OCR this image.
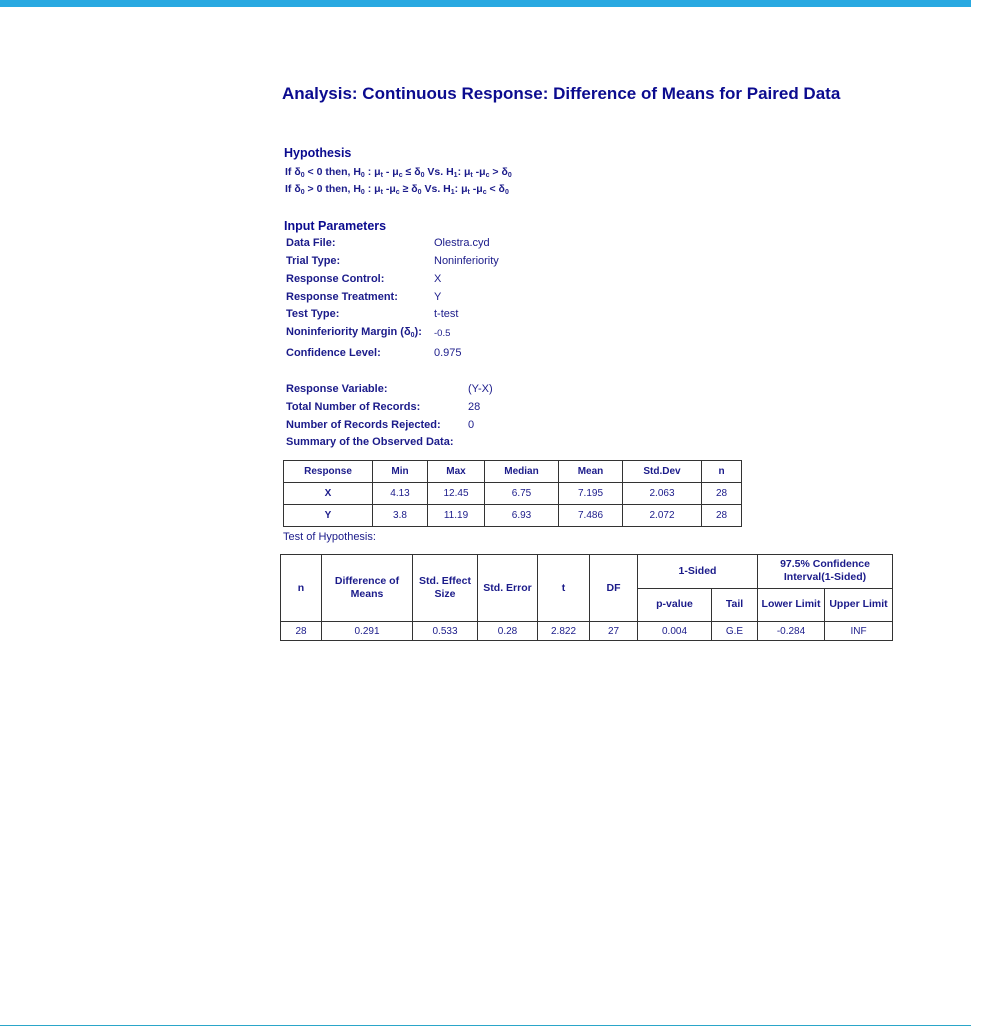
Analysis: Continuous Response: Difference of Means for Paired Data
Hypothesis
If $\delta_0 < 0$ then, $H_0$ : $\mu_t - \mu_c \le \delta_0$ Vs. $H_1$: $\mu_t$ $-\mu_c > \delta_0$
If $\delta_0 > 0$ then, $H_0$ : $\mu_t$ $-\mu_c \ge \delta_0$ Vs. $H_1$: $\mu_t$ $-\mu_c < \delta_0$
Input Parameters
Data File:	Olestra.cyd
Trial Type:	Noninferiority
Response Control:	X
Response Treatment:	Y
Test Type:	t-test
Noninferiority Margin $(\delta_0)$: -0.5
Confidence Level:	0.975
Response Variable:	(Y-X)
Total Number of Records:	28
Number of Records Rejected: 0
Summary of the Observed Data:
Response	Min	Max	Median	Mean	Std.Dev	n
X	4.13	12.45	6.75	7.195	2.063	28
Y	3.8	11.19	6.93	7.486	2.072	28
Test of Hypothesis:
n	Difference of Means	Std. Effect Size	Std. Error	t	DF	1-Sided		97.5% Confidence Interval(1-Sided)	
						p-value	Tail	Lower Limit	Upper Limit
28	0.291	0.533	0.28	2.822	27	0.004	G.E	-0.284	INF
